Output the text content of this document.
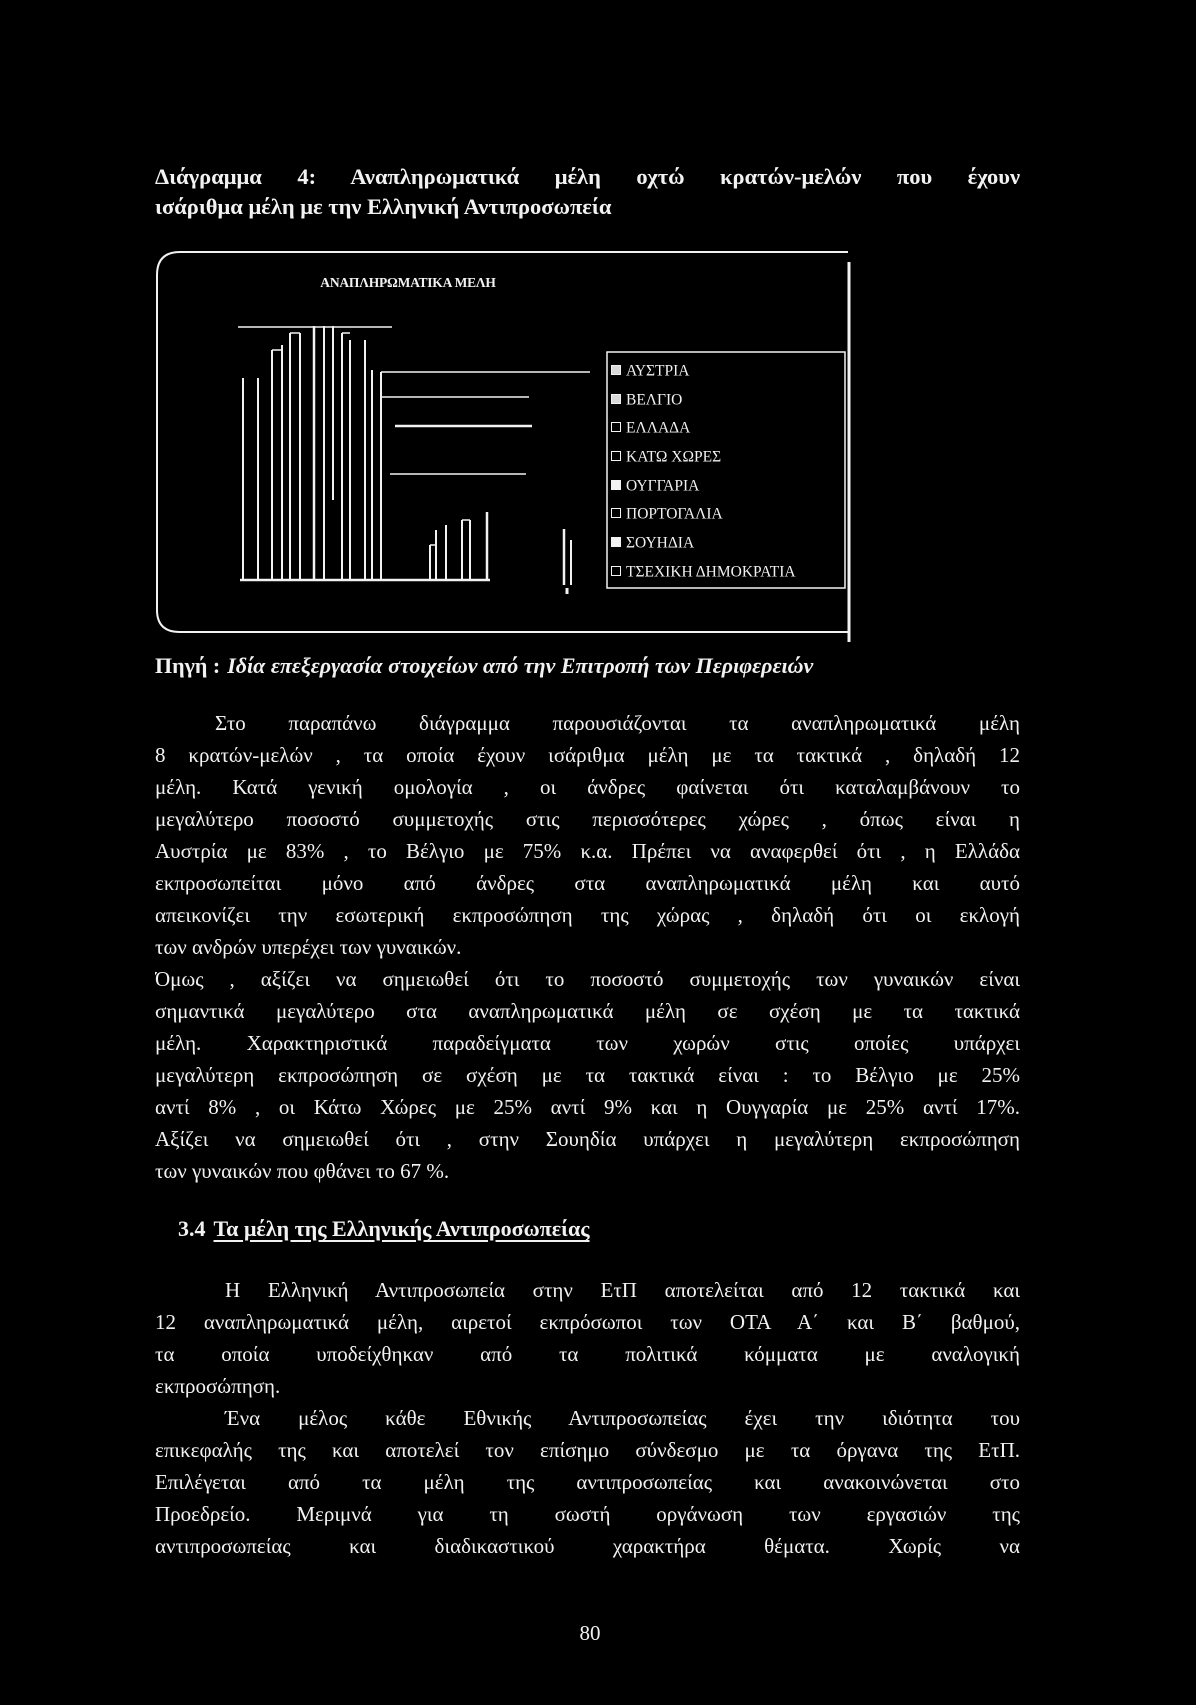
Διάγραμμα 4: Αναπληρωματικά μέλη οχτώ κρατών-μελών που έχουν
ισάριθμα μέλη με την Ελληνική Αντιπροσωπεία
ΑΝΑΠΛΗΡΩΜΑΤΙΚΑ ΜΕΛΗ
ΑΥΣΤΡΙΑ
ΒΕΛΓΙΟ
ΕΛΛΑΔΑ
ΚΑΤΩ ΧΩΡΕΣ
ΟΥΓΓΑΡΙΑ
ΠΟΡΤΟΓΑΛΙΑ
ΣΟΥΗΔΙΑ
ΤΣΕΧΙΚΗ ΔΗΜΟΚΡΑΤΙΑ
Πηγή : Ιδία επεξεργασία στοιχείων από την Επιτροπή των Περιφερειών
Στο παραπάνω διάγραμμα παρουσιάζονται τα αναπληρωματικά μέλη
8 κρατών-μελών , τα οποία έχουν ισάριθμα μέλη με τα τακτικά , δηλαδή 12
μέλη. Κατά γενική ομολογία , οι άνδρες φαίνεται ότι καταλαμβάνουν το
μεγαλύτερο ποσοστό συμμετοχής στις περισσότερες χώρες , όπως είναι η
Αυστρία με 83% , το Βέλγιο με 75% κ.α. Πρέπει να αναφερθεί ότι , η Ελλάδα
εκπροσωπείται μόνο από άνδρες στα αναπληρωματικά μέλη και αυτό
απεικονίζει την εσωτερική εκπροσώπηση της χώρας , δηλαδή ότι οι εκλογή
των ανδρών υπερέχει των γυναικών.
Όμως , αξίζει να σημειωθεί ότι το ποσοστό συμμετοχής των γυναικών είναι
σημαντικά μεγαλύτερο στα αναπληρωματικά μέλη σε σχέση με τα τακτικά
μέλη. Χαρακτηριστικά παραδείγματα των χωρών στις οποίες υπάρχει
μεγαλύτερη εκπροσώπηση σε σχέση με τα τακτικά είναι : το Βέλγιο με 25%
αντί 8% , οι Κάτω Χώρες με 25% αντί 9% και η Ουγγαρία με 25% αντί 17%.
Αξίζει να σημειωθεί ότι , στην Σουηδία υπάρχει η μεγαλύτερη εκπροσώπηση
των γυναικών που φθάνει το 67 %.
3.4 Τα μέλη της Ελληνικής Αντιπροσωπείας
Η Ελληνική Αντιπροσωπεία στην ΕτΠ αποτελείται από 12 τακτικά και
12 αναπληρωματικά μέλη, αιρετοί εκπρόσωποι των ΟΤΑ Α΄ και Β΄ βαθμού,
τα οποία υποδείχθηκαν από τα πολιτικά κόμματα με αναλογική
εκπροσώπηση.
Ένα μέλος κάθε Εθνικής Αντιπροσωπείας έχει την ιδιότητα του
επικεφαλής της και αποτελεί τον επίσημο σύνδεσμο με τα όργανα της ΕτΠ.
Επιλέγεται από τα μέλη της αντιπροσωπείας και ανακοινώνεται στο
Προεδρείο. Μεριμνά για τη σωστή οργάνωση των εργασιών της
αντιπροσωπείας και διαδικαστικού χαρακτήρα θέματα. Χωρίς να
80
